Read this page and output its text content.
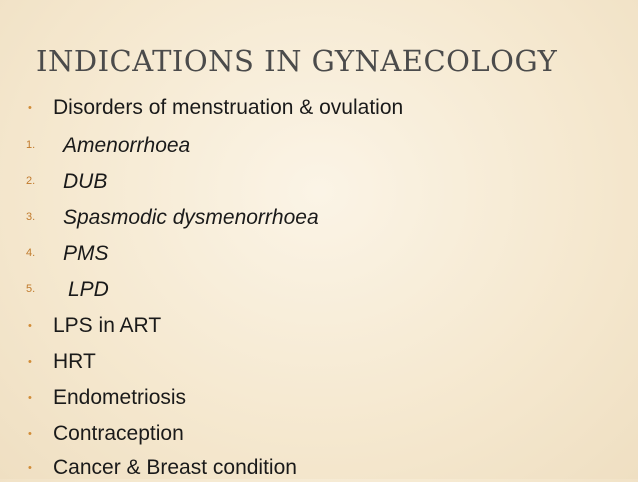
INDICATIONS IN GYNAECOLOGY
• Disorders of menstruation & ovulation
1. Amenorrhoea
2. DUB
3. Spasmodic dysmenorrhoea
4. PMS
5. LPD
• LPS in ART
• HRT
• Endometriosis
• Contraception
• Cancer & Breast condition
